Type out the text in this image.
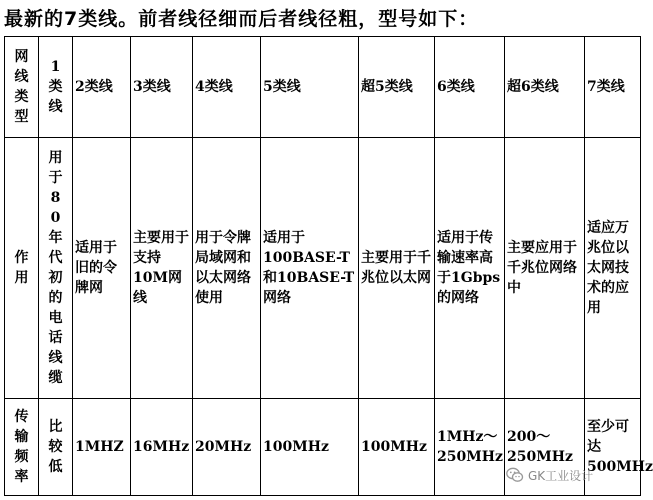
最新的7类线。前者线径细而后者线径粗，型号如下：
网线类型	1类线	2类线	3类线	4类线	5类线	超5类线	6类线	超6类线	7类线
作用	用于80年代初的电话线缆	适用于旧的令牌网	主要用于支持10M网线	用于令牌局域网和以太网络使用	适用于100BASE-T和10BASE-T网络	主要用于千兆位以太网	适用于传输速率高于1Gbps的网络	主要应用于千兆位网络中	适应万兆位以太网技术的应用
传输频率	比较低	1MHZ	16MHz	20MHz	100MHz	100MHz	1MHz～250MHz	200～250MHz	至少可达500MHz
GK工业设计
